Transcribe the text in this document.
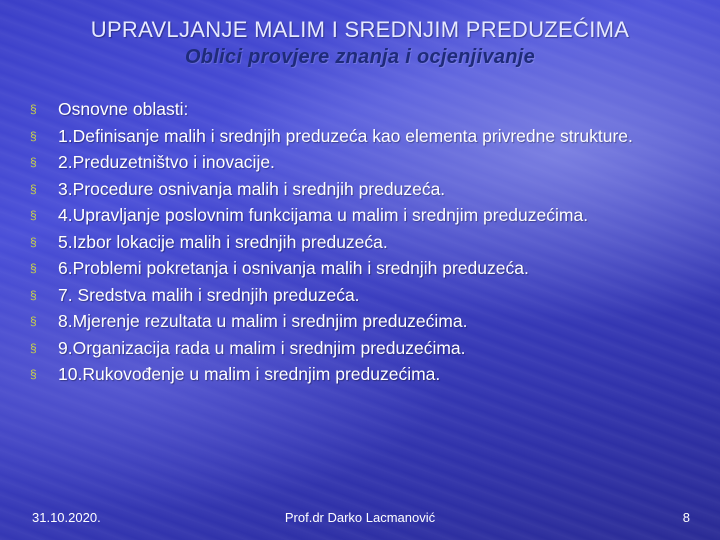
UPRAVLJANJE MALIM I SREDNJIM PREDUZEĆIMA
Oblici provjere znanja i ocjenjivanje
§ Osnovne oblasti:
§ 1.Definisanje malih i srednjih preduzeća kao elementa privredne strukture.
§ 2.Preduzetništvo i inovacije.
§ 3.Procedure osnivanja malih i srednjih preduzeća.
§ 4.Upravljanje poslovnim funkcijama u malim i srednjim preduzećima.
§ 5.Izbor lokacije malih i srednjih preduzeća.
§ 6.Problemi pokretanja i osnivanja malih i srednjih preduzeća.
§ 7. Sredstva malih i srednjih preduzeća.
§ 8.Mjerenje rezultata u malim i srednjim preduzećima.
§ 9.Organizacija rada u malim i srednjim preduzećima.
§ 10.Rukovođenje u malim i srednjim preduzećima.
31.10.2020.	Prof.dr Darko Lacmanović	8
